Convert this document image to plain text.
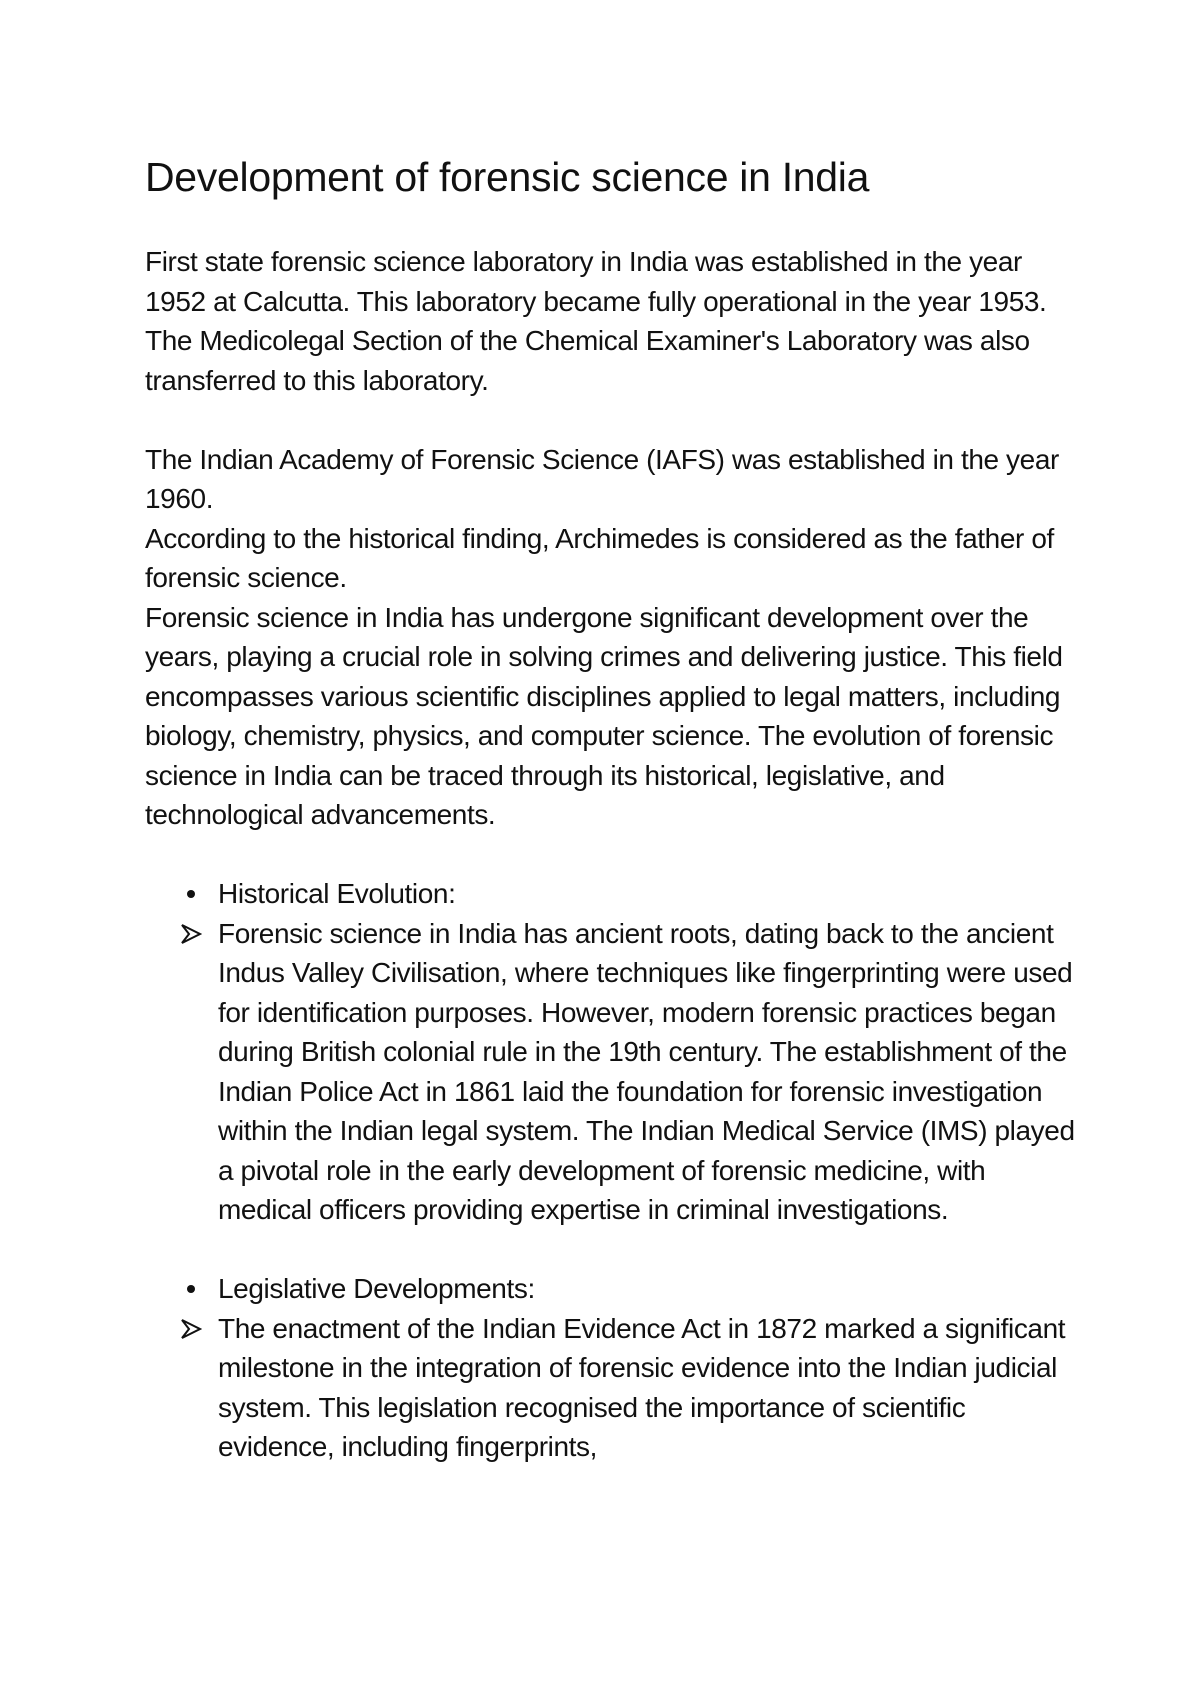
Development of forensic science in India

First state forensic science laboratory in India was established in the year 1952 at Calcutta. This laboratory became fully operational in the year 1953. The Medicolegal Section of the Chemical Examiner's Laboratory was also transferred to this laboratory.

The Indian Academy of Forensic Science (IAFS) was established in the year 1960.

According to the historical finding, Archimedes is considered as the father of forensic science.

Forensic science in India has undergone significant development over the years, playing a crucial role in solving crimes and delivering justice. This field encompasses various scientific disciplines applied to legal matters, including biology, chemistry, physics, and computer science. The evolution of forensic science in India can be traced through its historical, legislative, and technological advancements.

Historical Evolution:
Forensic science in India has ancient roots, dating back to the ancient Indus Valley Civilisation, where techniques like fingerprinting were used for identification purposes. However, modern forensic practices began during British colonial rule in the 19th century. The establishment of the Indian Police Act in 1861 laid the foundation for forensic investigation within the Indian legal system. The Indian Medical Service (IMS) played a pivotal role in the early development of forensic medicine, with medical officers providing expertise in criminal investigations.
Legislative Developments:
The enactment of the Indian Evidence Act in 1872 marked a significant milestone in the integration of forensic evidence into the Indian judicial system. This legislation recognised the importance of scientific evidence, including fingerprints,
